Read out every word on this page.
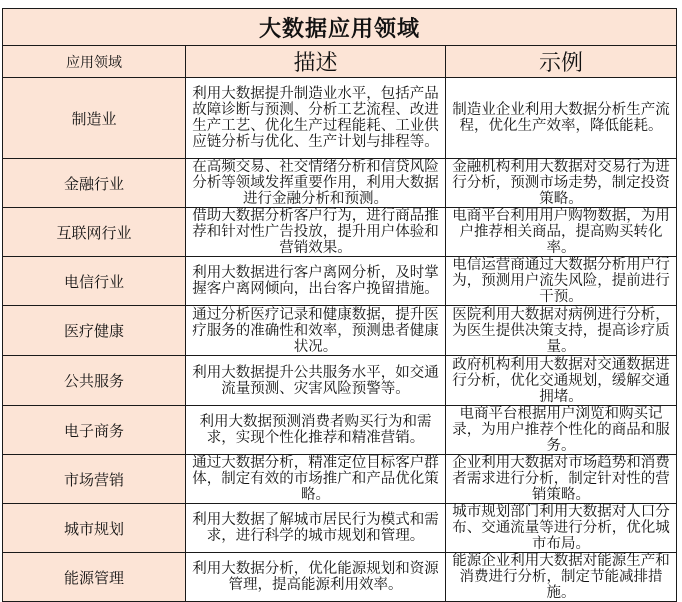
大数据应用领域		
应用领域	描述	示例
制造业	利用大数据提升制造业水平，包括产品故障诊断与预测、分析工艺流程、改进生产工艺、优化生产过程能耗、工业供应链分析与优化、生产计划与排程等。	制造业企业利用大数据分析生产流程，优化生产效率，降低能耗。
金融行业	在高频交易、社交情绪分析和信贷风险分析等领域发挥重要作用，利用大数据进行金融分析和预测。	金融机构利用大数据对交易行为进行分析，预测市场走势，制定投资策略。
互联网行业	借助大数据分析客户行为，进行商品推荐和针对性广告投放，提升用户体验和营销效果。	电商平台利用用户购物数据，为用户推荐相关商品，提高购买转化率。
电信行业	利用大数据进行客户离网分析，及时掌握客户离网倾向，出台客户挽留措施。	电信运营商通过大数据分析用户行为，预测用户流失风险，提前进行干预。
医疗健康	通过分析医疗记录和健康数据，提升医疗服务的准确性和效率，预测患者健康状况。	医院利用大数据对病例进行分析，为医生提供决策支持，提高诊疗质量。
公共服务	利用大数据提升公共服务水平，如交通流量预测、灾害风险预警等。	政府机构利用大数据对交通数据进行分析，优化交通规划，缓解交通拥堵。
电子商务	利用大数据预测消费者购买行为和需求，实现个性化推荐和精准营销。	电商平台根据用户浏览和购买记录，为用户推荐个性化的商品和服务。
市场营销	通过大数据分析，精准定位目标客户群体，制定有效的市场推广和产品优化策略。	企业利用大数据对市场趋势和消费者需求进行分析，制定针对性的营销策略。
城市规划	利用大数据了解城市居民行为模式和需求，进行科学的城市规划和管理。	城市规划部门利用大数据对人口分布、交通流量等进行分析，优化城市布局。
能源管理	利用大数据分析，优化能源规划和资源管理，提高能源利用效率。	能源企业利用大数据对能源生产和消费进行分析，制定节能减排措施。
